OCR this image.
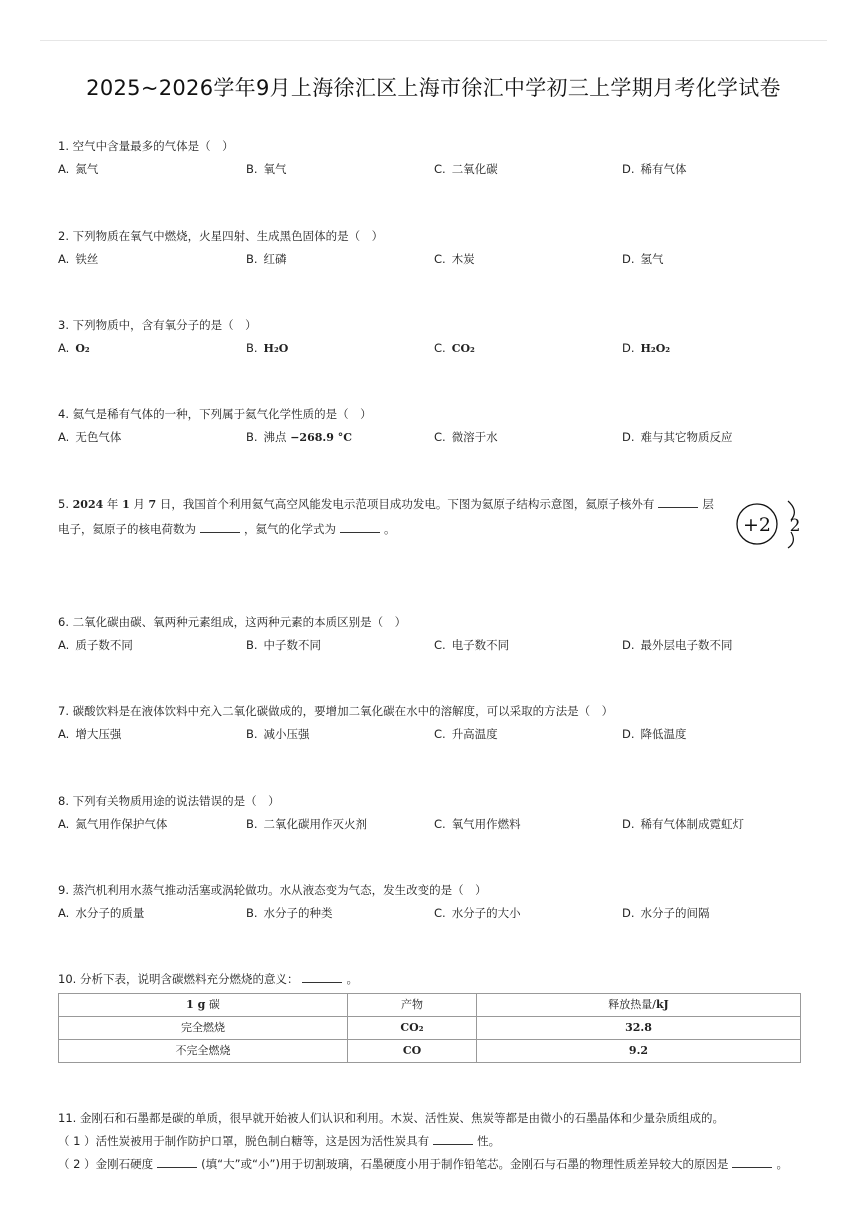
2025~2026学年9月上海徐汇区上海市徐汇中学初三上学期月考化学试卷
1. 空气中含量最多的气体是（　）
A. 氮气	B. 氧气	C. 二氧化碳	D. 稀有气体
2. 下列物质在氧气中燃烧，火星四射、生成黑色固体的是（　）
A. 铁丝	B. 红磷	C. 木炭	D. 氢气
3. 下列物质中，含有氧分子的是（　）
A. O₂	B. H₂O	C. CO₂	D. H₂O₂
4. 氦气是稀有气体的一种，下列属于氦气化学性质的是（　）
A. 无色气体	B. 沸点 −268.9 °C	C. 微溶于水	D. 难与其它物质反应
5. 2024 年 1 月 7 日，我国首个利用氦气高空风能发电示范项目成功发电。下图为氦原子结构示意图，氦原子核外有	层电子，氦原子的核电荷数为	，氦气的化学式为	。	+2 2
6. 二氧化碳由碳、氧两种元素组成，这两种元素的本质区别是（　）
A. 质子数不同	B. 中子数不同	C. 电子数不同	D. 最外层电子数不同
7. 碳酸饮料是在液体饮料中充入二氧化碳做成的，要增加二氧化碳在水中的溶解度，可以采取的方法是（　）
A. 增大压强	B. 减小压强	C. 升高温度	D. 降低温度
8. 下列有关物质用途的说法错误的是（　）
A. 氮气用作保护气体	B. 二氧化碳用作灭火剂	C. 氧气用作燃料	D. 稀有气体制成霓虹灯
9. 蒸汽机利用水蒸气推动活塞或涡轮做功。水从液态变为气态，发生改变的是（　）
A. 水分子的质量	B. 水分子的种类	C. 水分子的大小	D. 水分子的间隔
10. 分析下表，说明含碳燃料充分燃烧的意义：	。
1 g 碳	产物	释放热量/kJ
完全燃烧	CO₂	32.8
不完全燃烧	CO	9.2

11. 金刚石和石墨都是碳的单质，很早就开始被人们认识和利用。木炭、活性炭、焦炭等都是由微小的石墨晶体和少量杂质组成的。

（ 1 ）活性炭被用于制作防护口罩，脱色制白糖等，这是因为活性炭具有	性。

（ 2 ）金刚石硬度	(填“大”或“小”)用于切割玻璃，石墨硬度小用于制作铅笔芯。金刚石与石墨的物理性质差异较大的原因是	。
